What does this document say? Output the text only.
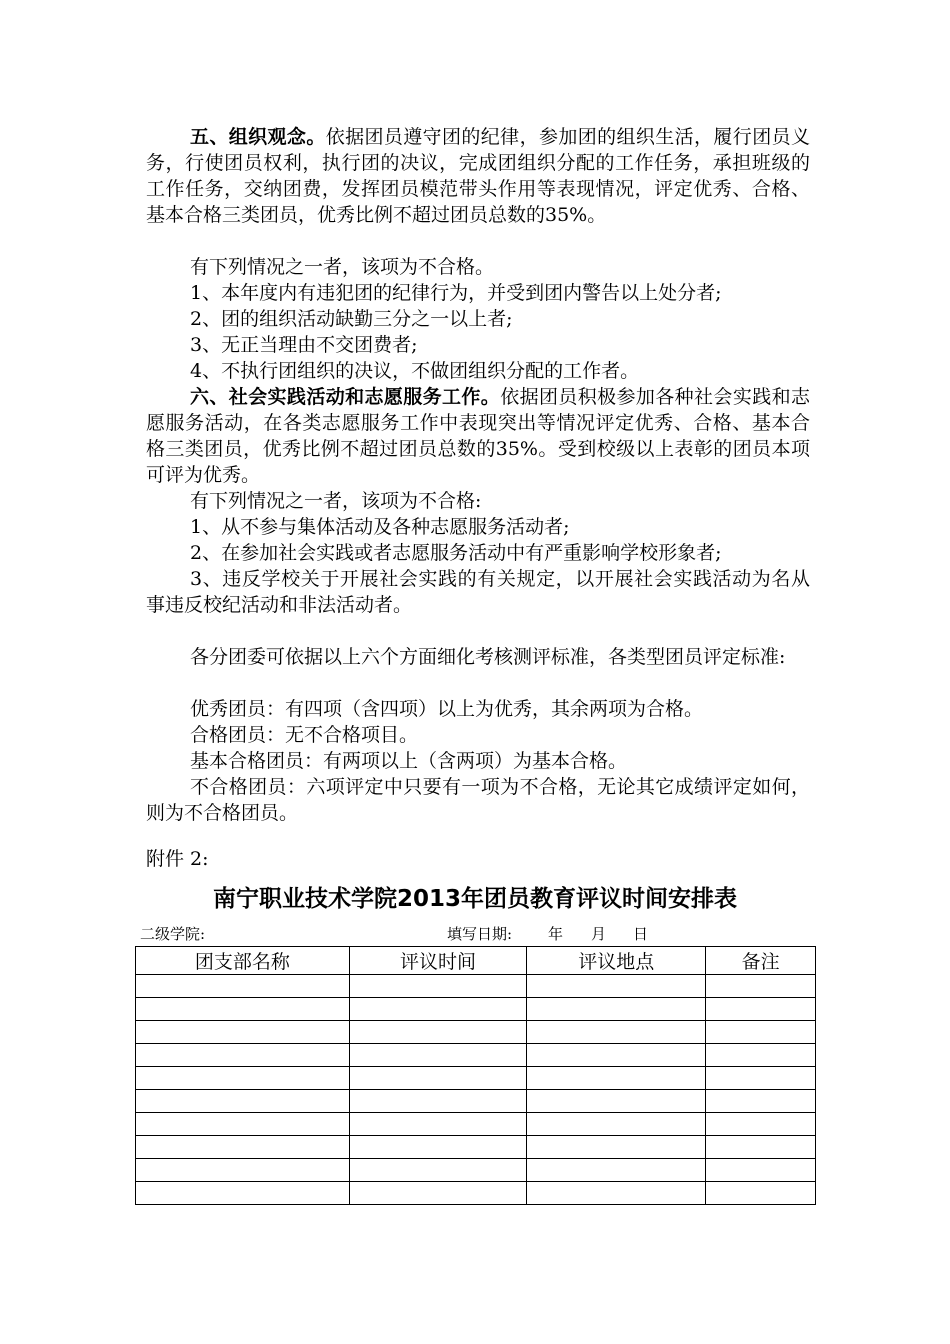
五、组织观念。依据团员遵守团的纪律，参加团的组织生活，履行团员义务，行使团员权利，执行团的决议，完成团组织分配的工作任务，承担班级的工作任务，交纳团费，发挥团员模范带头作用等表现情况，评定优秀、合格、基本合格三类团员，优秀比例不超过团员总数的35%。

有下列情况之一者，该项为不合格。

1、本年度内有违犯团的纪律行为，并受到团内警告以上处分者;

2、团的组织活动缺勤三分之一以上者;

3、无正当理由不交团费者;

4、不执行团组织的决议，不做团组织分配的工作者。

六、社会实践活动和志愿服务工作。依据团员积极参加各种社会实践和志愿服务活动，在各类志愿服务工作中表现突出等情况评定优秀、合格、基本合格三类团员，优秀比例不超过团员总数的35%。受到校级以上表彰的团员本项可评为优秀。

有下列情况之一者，该项为不合格:

1、从不参与集体活动及各种志愿服务活动者;

2、在参加社会实践或者志愿服务活动中有严重影响学校形象者;

3、违反学校关于开展社会实践的有关规定，以开展社会实践活动为名从事违反校纪活动和非法活动者。

各分团委可依据以上六个方面细化考核测评标准，各类型团员评定标准:

优秀团员：有四项（含四项）以上为优秀，其余两项为合格。

合格团员：无不合格项目。

基本合格团员：有两项以上（含两项）为基本合格。

不合格团员：六项评定中只要有一项为不合格，无论其它成绩评定如何，则为不合格团员。

附件 2:

南宁职业技术学院2013年团员教育评议时间安排表
二级学院:	填写日期: 年 月 日
团支部名称	评议时间	评议地点	备注
